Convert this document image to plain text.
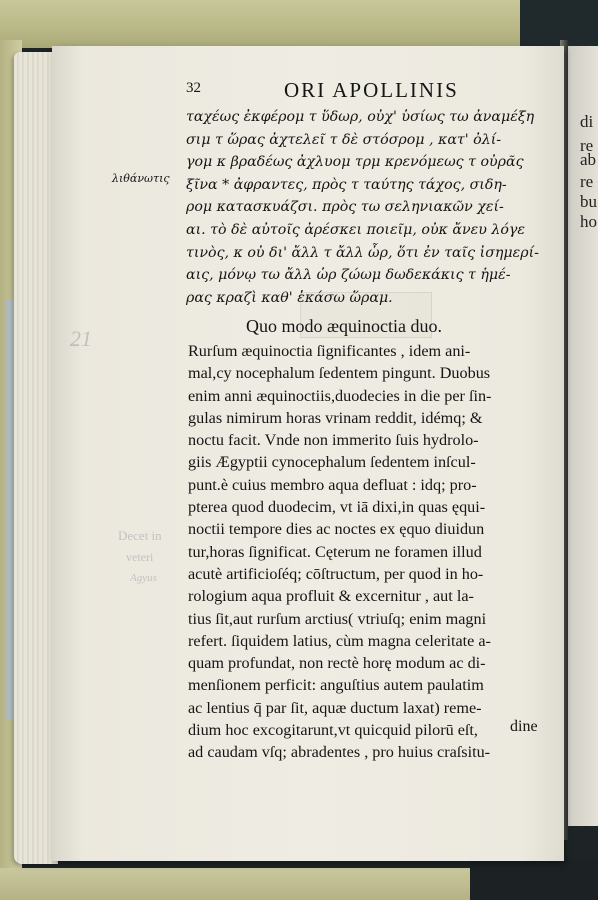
di
re
ab
re
bu
ho
21
Decet in
veteri
Agyus
32	ORI APOLLINIS
λιθάνωτις
ταχέως ἐκφέρομ τ ὕδωρ, οὐχ' ὑσίως τω ἀναμέξη
σιμ τ ὥρας ἀχτελεῖ τ δὲ στόσρομ , κατ' ὀλί-
γομ κ βραδέως ἀχλυομ τρμ κρενόμεως τ οὐρᾶς
ξῖνα * ἀφραντες, πρὸς τ ταύτης τάχος, σιδη-
ρομ κατασκυάζσι. πρὸς τω σεληνιακῶν χεί-
αι. τὸ δὲ αὐτοῖς ἀρέσκει ποιεῖμ, οὐκ ἄνευ λόγε
τινὸς, κ οὐ δι' ἄλλ τ ἄλλ ὧρ, ὅτι ἐν ταῖς ἰσημερί-
αις, μόνῳ τω ἄλλ ὡρ ζώωμ δωδεκάκις τ ἡμέ-
ρας κραζὶ καθ' ἑκάσω ὥραμ.
Quo modo æquinoctia duo.
Rurſum æquinoctia ſignificantes , idem ani-
mal,cy nocephalum ſedentem pingunt. Duobus
enim anni æquinoctiis,duodecies in die per ſin-
gulas nimirum horas vrinam reddit, idémq; &
noctu facit. Vnde non immerito ſuis hydrolo-
giis Ægyptii cynocephalum ſedentem inſcul-
punt.è cuius membro aqua defluat : idq; pro-
pterea quod duodecim, vt iā dixi,in quas ęqui-
noctii tempore dies ac noctes ex ęquo diuidun
tur,horas ſignificat. Cęterum ne foramen illud
acutè artificioſéq; cōſtructum, per quod in ho-
rologium aqua profluit & excernitur , aut la-
tius ſit,aut rurſum arctius( vtriuſq; enim magni
refert. ſiquidem latius, cùm magna celeritate a-
quam profundat, non rectè horę modum ac di-
menſionem perficit: anguſtius autem paulatim
ac lentius q̄ par ſit, aquæ ductum laxat) reme-
dium hoc excogitarunt,vt quicquid pilorū eſt,
ad caudam vſq; abradentes , pro huius craſsitu-
dine
